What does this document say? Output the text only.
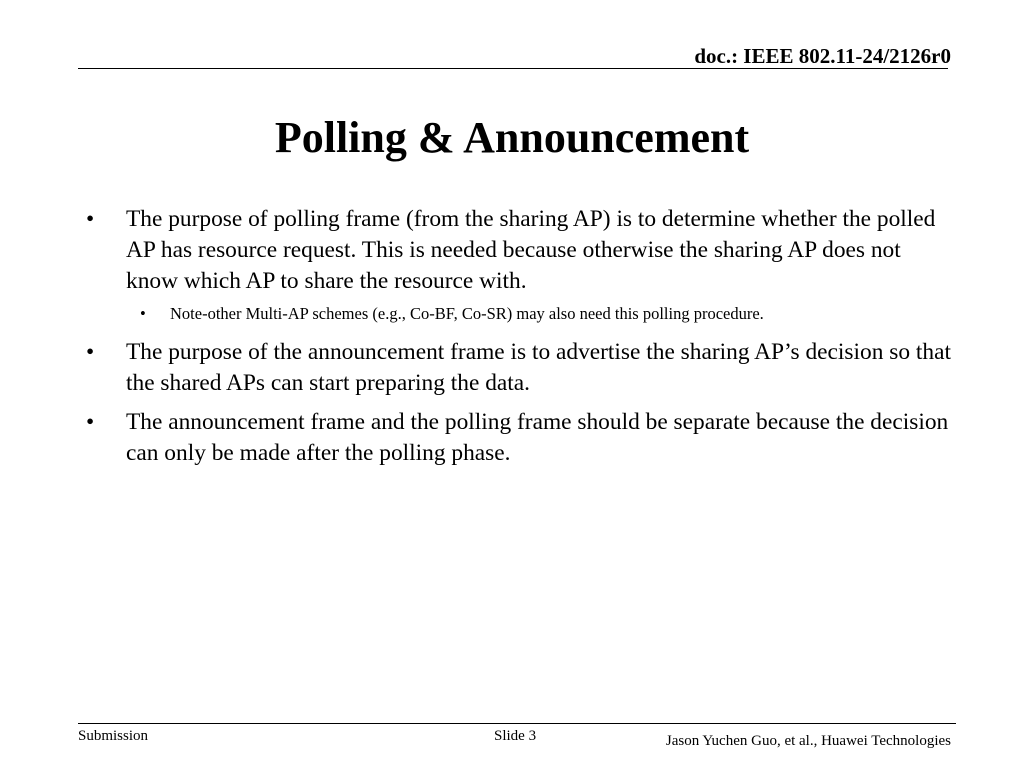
doc.: IEEE 802.11-24/2126r0
Polling & Announcement
• The purpose of polling frame (from the sharing AP) is to determine whether the polled AP has resource request. This is needed because otherwise the sharing AP does not know which AP to share the resource with.
• Note-other Multi-AP schemes (e.g., Co-BF, Co-SR) may also need this polling procedure.
• The purpose of the announcement frame is to advertise the sharing AP’s decision so that the shared APs can start preparing the data.
• The announcement frame and the polling frame should be separate because the decision can only be made after the polling phase.
Submission	Slide 3	Jason Yuchen Guo, et al., Huawei Technologies
